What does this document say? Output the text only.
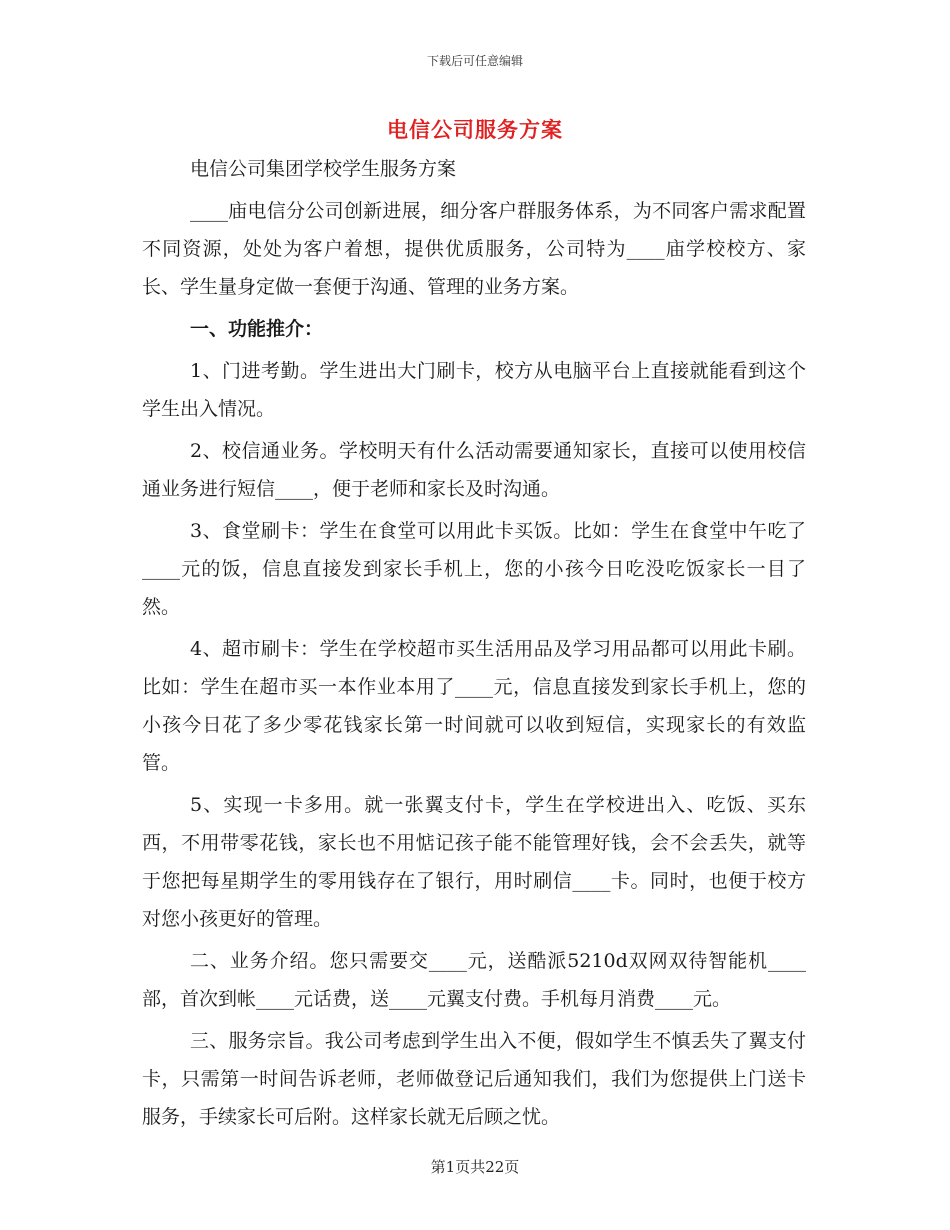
下载后可任意编辑
电信公司服务方案

电信公司集团学校学生服务方案

____庙电信分公司创新进展，细分客户群服务体系，为不同客户需求配置不同资源，处处为客户着想，提供优质服务，公司特为____庙学校校方、家长、学生量身定做一套便于沟通、管理的业务方案。

一、功能推介：

1、门进考勤。学生进出大门刷卡，校方从电脑平台上直接就能看到这个学生出入情况。

2、校信通业务。学校明天有什么活动需要通知家长，直接可以使用校信通业务进行短信____，便于老师和家长及时沟通。

3、食堂刷卡：学生在食堂可以用此卡买饭。比如：学生在食堂中午吃了____元的饭，信息直接发到家长手机上，您的小孩今日吃没吃饭家长一目了然。

4、超市刷卡：学生在学校超市买生活用品及学习用品都可以用此卡刷。比如：学生在超市买一本作业本用了____元，信息直接发到家长手机上，您的小孩今日花了多少零花钱家长第一时间就可以收到短信，实现家长的有效监管。

5、实现一卡多用。就一张翼支付卡，学生在学校进出入、吃饭、买东西，不用带零花钱，家长也不用惦记孩子能不能管理好钱，会不会丢失，就等于您把每星期学生的零用钱存在了银行，用时刷信____卡。同时，也便于校方对您小孩更好的管理。

二、业务介绍。您只需要交____元，送酷派5210d双网双待智能机____部，首次到帐____元话费，送____元翼支付费。手机每月消费____元。

三、服务宗旨。我公司考虑到学生出入不便，假如学生不慎丢失了翼支付卡，只需第一时间告诉老师，老师做登记后通知我们，我们为您提供上门送卡服务，手续家长可后附。这样家长就无后顾之忧。

第1页共22页
